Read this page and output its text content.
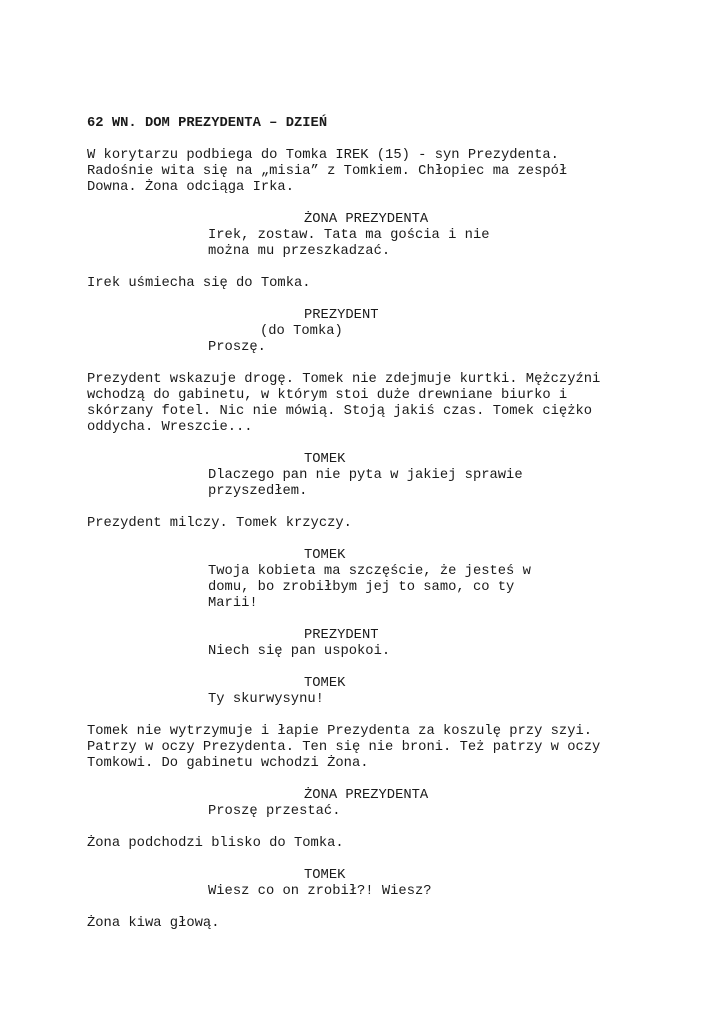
62 WN. DOM PREZYDENTA – DZIEŃ
W korytarzu podbiega do Tomka IREK (15) - syn Prezydenta.
Radośnie wita się na „misia” z Tomkiem. Chłopiec ma zespół
Downa. Żona odciąga Irka.
ŻONA PREZYDENTA
Irek, zostaw. Tata ma gościa i nie
można mu przeszkadzać.
Irek uśmiecha się do Tomka.
PREZYDENT
(do Tomka)
Proszę.
Prezydent wskazuje drogę. Tomek nie zdejmuje kurtki. Mężczyźni
wchodzą do gabinetu, w którym stoi duże drewniane biurko i
skórzany fotel. Nic nie mówią. Stoją jakiś czas. Tomek ciężko
oddycha. Wreszcie...
TOMEK
Dlaczego pan nie pyta w jakiej sprawie
przyszedłem.
Prezydent milczy. Tomek krzyczy.
TOMEK
Twoja kobieta ma szczęście, że jesteś w
domu, bo zrobiłbym jej to samo, co ty
Marii!
PREZYDENT
Niech się pan uspokoi.
TOMEK
Ty skurwysynu!
Tomek nie wytrzymuje i łapie Prezydenta za koszulę przy szyi.
Patrzy w oczy Prezydenta. Ten się nie broni. Też patrzy w oczy
Tomkowi. Do gabinetu wchodzi Żona.
ŻONA PREZYDENTA
Proszę przestać.
Żona podchodzi blisko do Tomka.
TOMEK
Wiesz co on zrobił?! Wiesz?
Żona kiwa głową.
